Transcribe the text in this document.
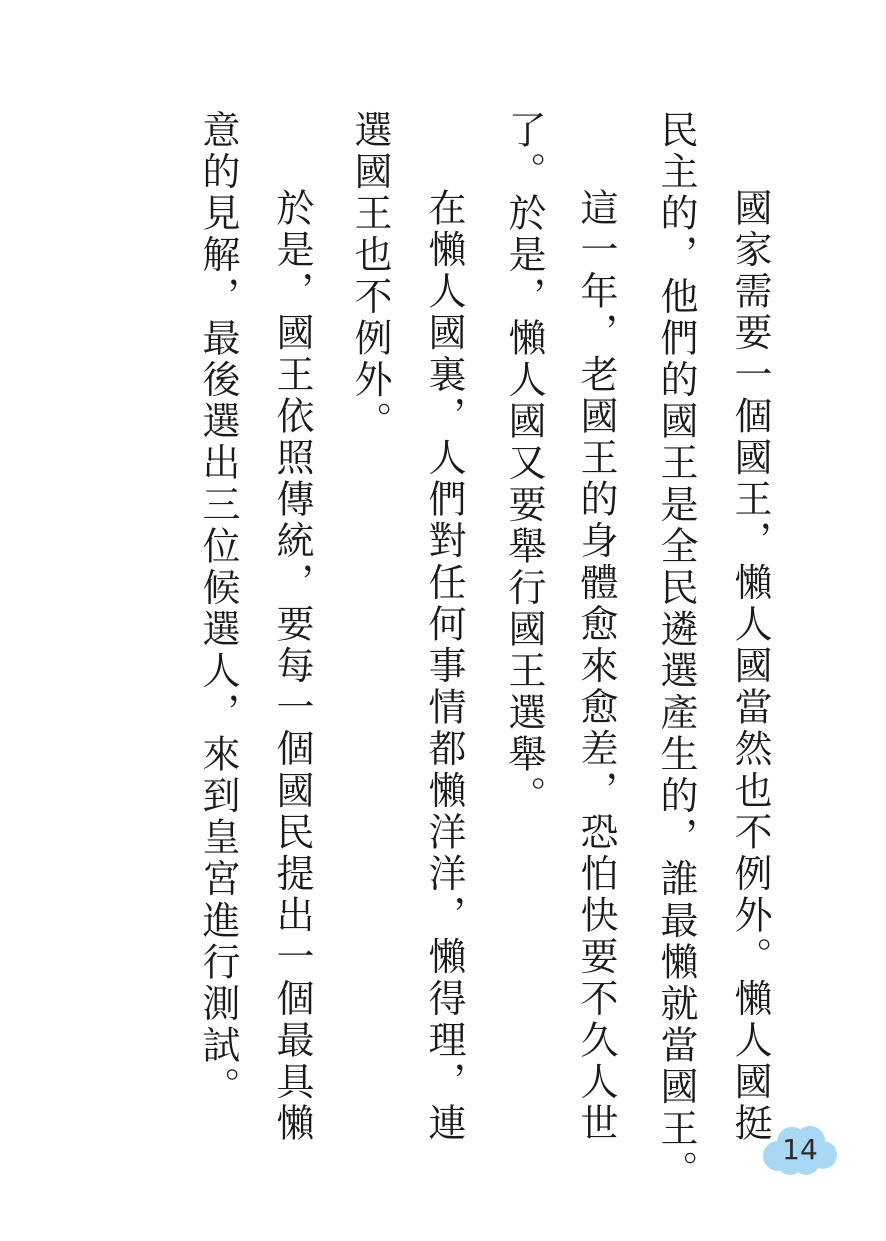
國家需要一個國王，懶人國當然也不例外。懶人國挺

民主的，他們的國王是全民遴選產生的，誰最懶就當國王。

這一年，老國王的身體愈來愈差，恐怕快要不久人世

了。於是，懶人國又要舉行國王選舉。

在懶人國裏，人們對任何事情都懶洋洋，懶得理，連

選國王也不例外。

於是，國王依照傳統，要每一個國民提出一個最具懶

意的見解，最後選出三位候選人，來到皇宮進行測試。

14
